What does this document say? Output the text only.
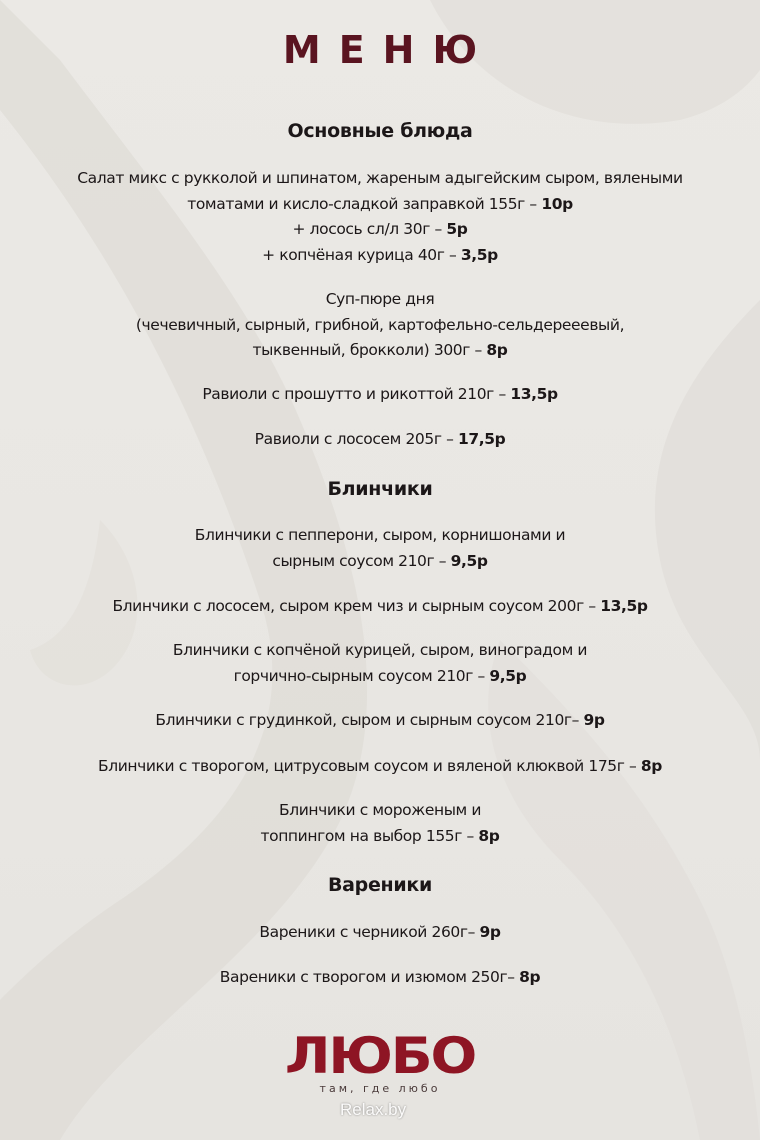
МЕНЮ
Основные блюда
Салат микс с рукколой и шпинатом, жареным адыгейским сыром, вялеными
томатами и кисло-сладкой заправкой 155г – 10р
+ лосось сл/л 30г – 5р
+ копчёная курица 40г – 3,5р
Суп-пюре дня
(чечевичный, сырный, грибной, картофельно-сельдерееевый,
тыквенный, брокколи) 300г – 8р
Равиоли с прошутто и рикоттой 210г – 13,5р
Равиоли с лососем 205г – 17,5р
Блинчики
Блинчики с пепперони, сыром, корнишонами и
сырным соусом 210г – 9,5р
Блинчики с лососем, сыром крем чиз и сырным соусом 200г – 13,5р
Блинчики с копчёной курицей, сыром, виноградом и
горчично-сырным соусом 210г – 9,5р
Блинчики с грудинкой, сыром и сырным соусом 210г– 9р
Блинчики с творогом, цитрусовым соусом и вяленой клюквой 175г – 8р
Блинчики с мороженым и
топпингом на выбор 155г – 8р
Вареники
Вареники с черникой 260г– 9р
Вареники с творогом и изюмом 250г– 8р
ЛЮБО
там, где любо
Relax.by
